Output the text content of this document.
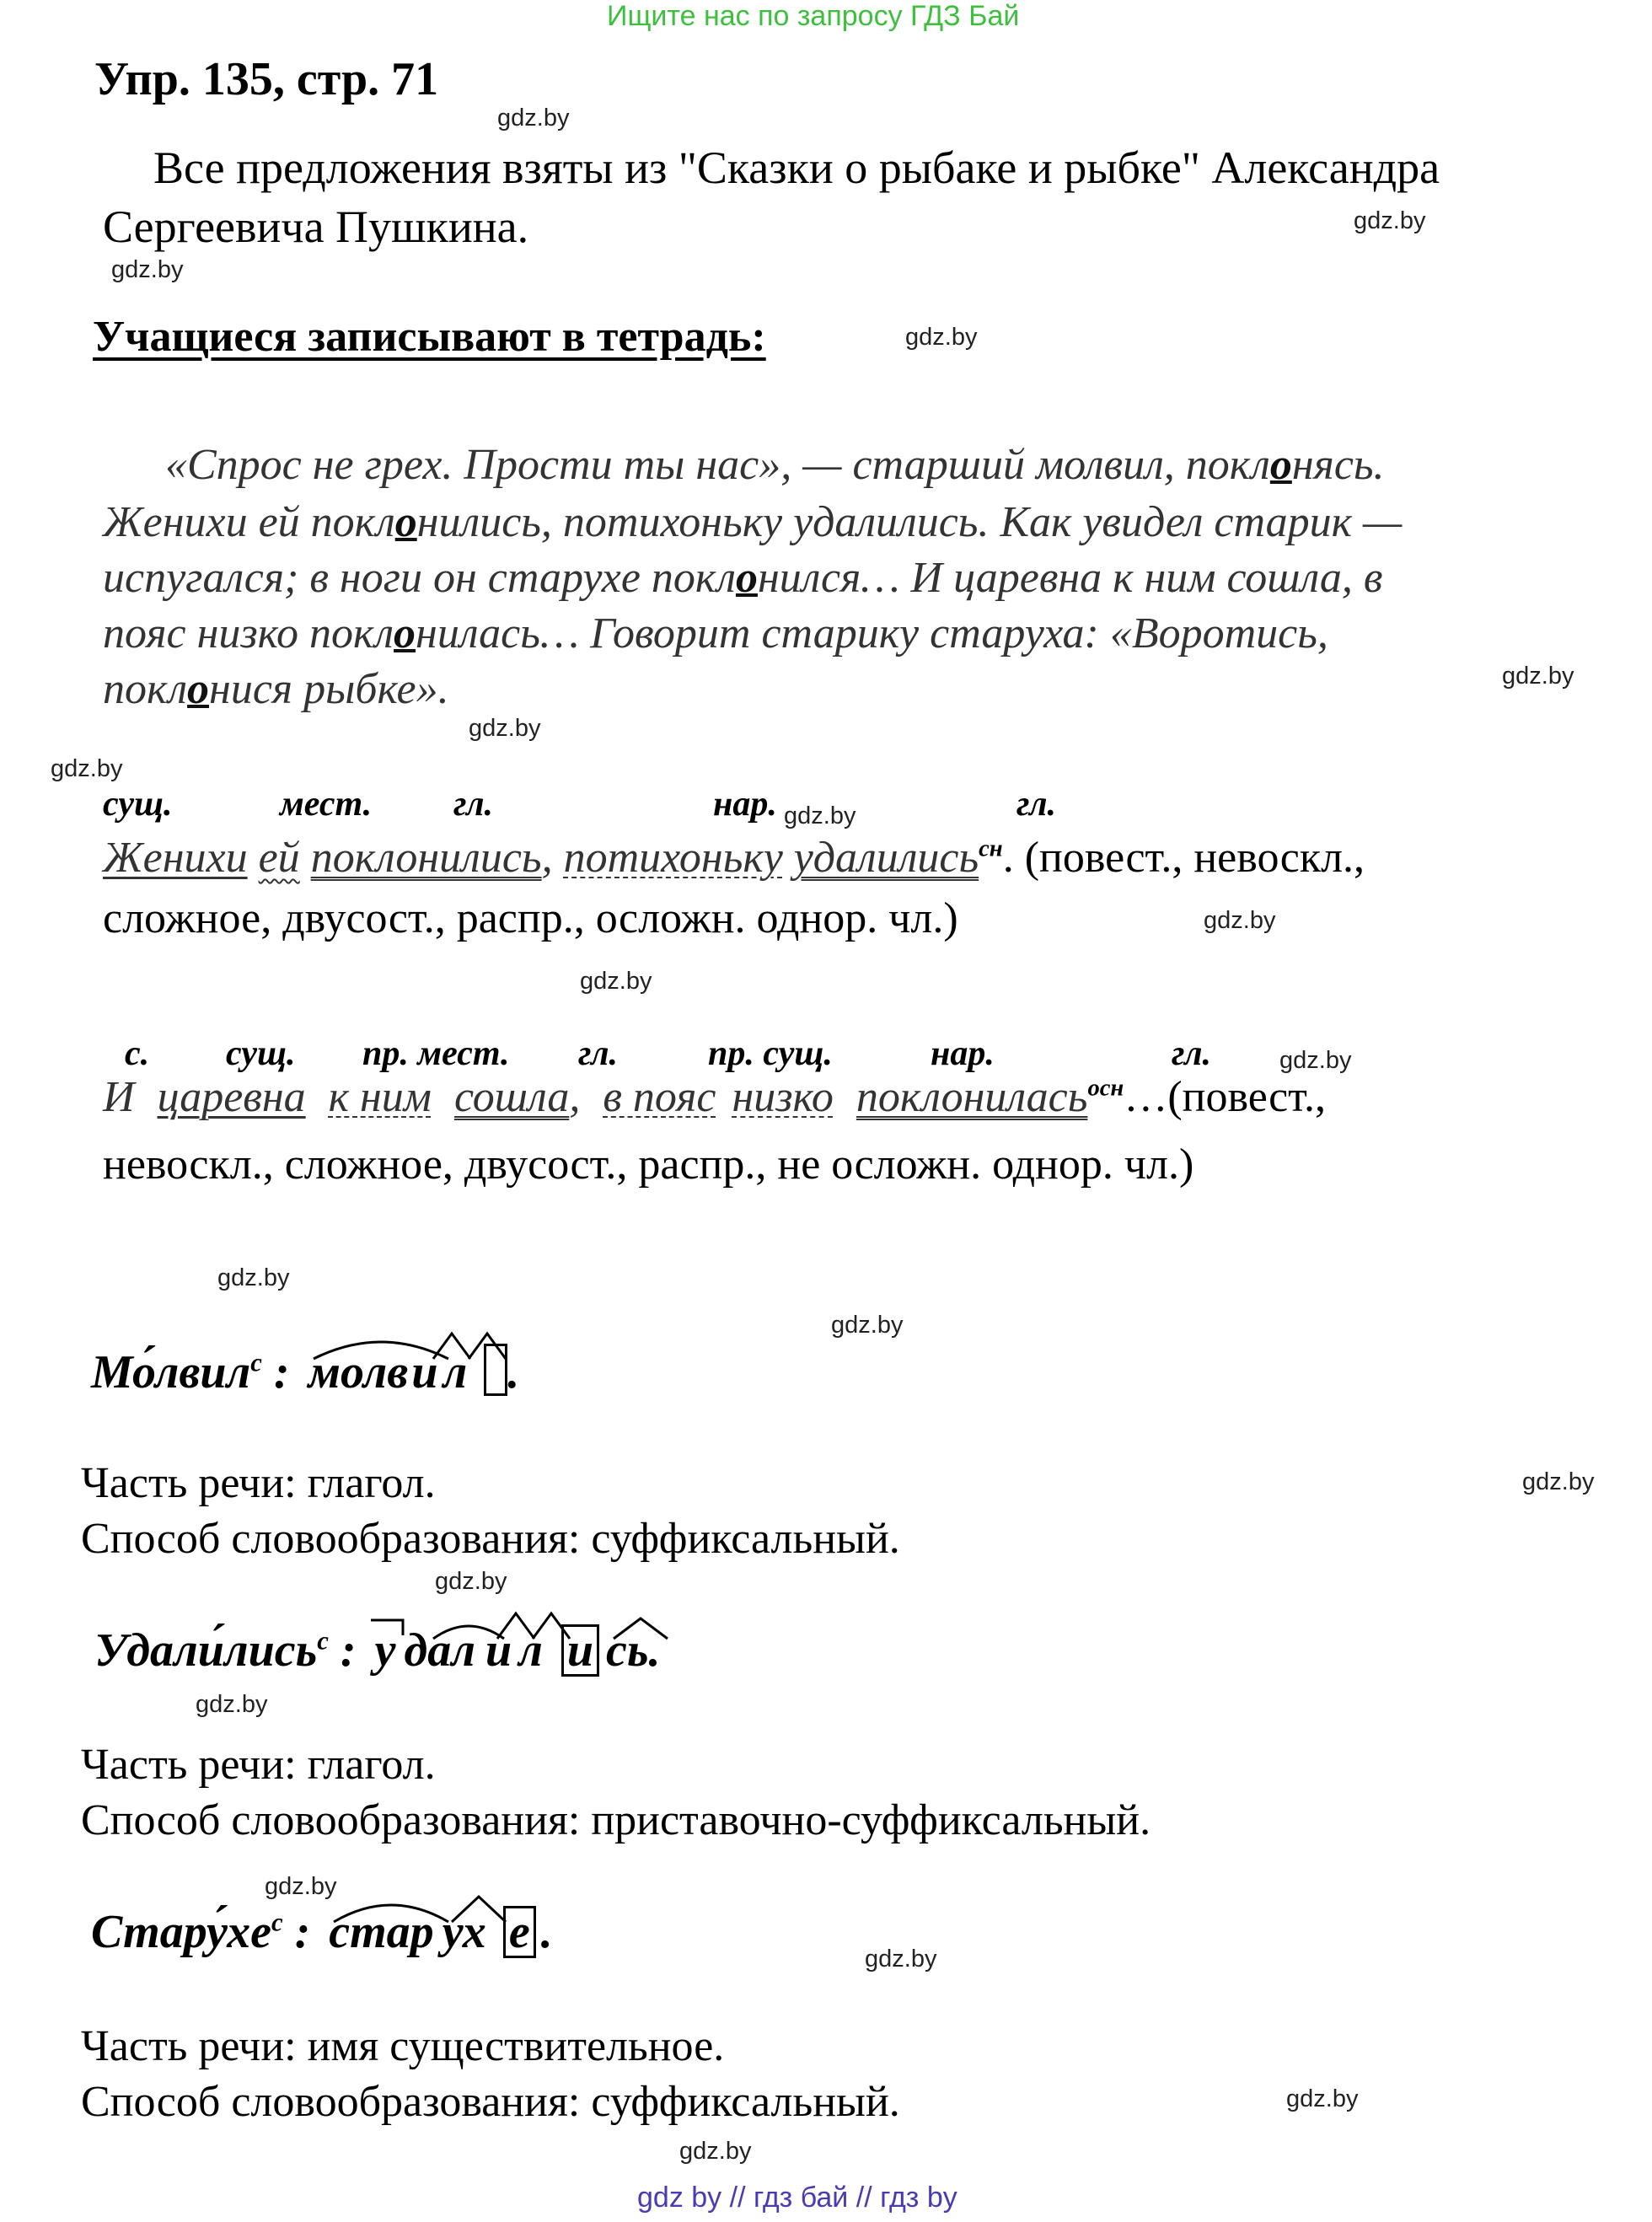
Ищите нас по запросу ГДЗ Бай
Упр. 135, стр. 71
Все предложения взяты из "Сказки о рыбаке и рыбке" Александра
Сергеевича Пушкина.
Учащиеся записывают в тетрадь:
«Спрос не грех. Прости ты нас», — старший молвил, поклонясь.
Женихи ей поклонились, потихоньку удалились. Как увидел старик —
испугался; в ноги он старухе поклонился… И царевна к ним сошла, в
пояс низко поклонилась… Говорит старику старуха: «Воротись,
поклонися рыбке».
сущ.	мест. гл.	нар.	гл.
Женихи ей поклонились, потихоньку удалились$^{сн}$. (повест., невоскл.,
сложное, двусост., распр., осложн. однор. чл.)
с. сущ. пр. мест. гл.	пр. сущ.	нар.	гл.
И царевна к ним сошла, в пояс низко поклонилась$^{осн}$…(повест.,
невоскл., сложное, двусост., распр., не осложн. однор. чл.)
Мо́лвил$^с$ : молви л .
Часть речи: глагол.
Способ словообразования: суффиксальный.
Удали́лись$^с$ : у дал и л и сь.
Часть речи: глагол.
Способ словообразования: приставочно-суффиксальный.
$Стару́хе^с$ : стар ух е .
Часть речи: имя существительное.
Способ словообразования: суффиксальный.
gdz.by
gdz.by
gdz.by
gdz.by
gdz.by
gdz.by
gdz.by
gdz.by
gdz.by
gdz.by
gdz.by
gdz.by
gdz.by
gdz.by
gdz.by
gdz.by
gdz.by
gdz.by
gdz.by
gdz.by
gdz by // гдз бай // гдз by
